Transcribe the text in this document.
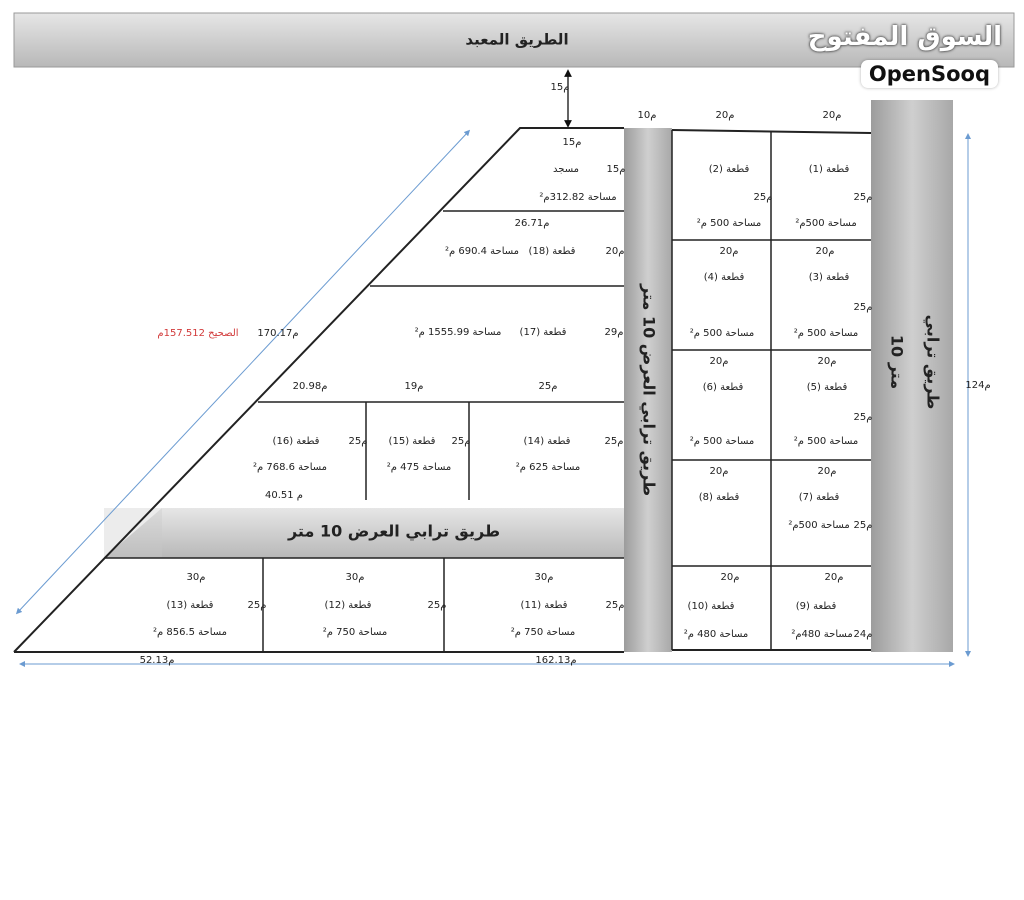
الطريق المعبد
طريق ترابي
10 متر
طريق ترابي العرض 10 متر
طريق ترابي العرض 10 متر
15م
10م
124م
170.17م
الصحيح 157.512م
52.13م	162.13م
15م
مسجد	15م
مساحة 312.82م²
20م
قطعة (1)
25م
مساحة 500م²
20م
قطعة (2)
25م
مساحة 500 م²
20م
قطعة (3)
25م
مساحة 500 م²
20م
قطعة (4)
مساحة 500 م²
20م
قطعة (5)
25م
مساحة 500 م²
20م
قطعة (6)
مساحة 500 م²
20م
قطعة (7)
25م
مساحة 500م²
20م
قطعة (8)
20م
قطعة (9)
24م
مساحة 480م²
20م
قطعة (10)
مساحة 480 م²
26.71م
قطعة (18)
مساحة 690.4 م²	20م
قطعة (17)
مساحة 1555.99 م²	29م
25م
قطعة (14)	25م
مساحة 625 م²
19م
قطعة (15) 25م
مساحة 475 م²
20.98م
قطعة (16)	25م
مساحة 768.6 م²
40.51 م
30م
قطعة (11)	25م
مساحة 750 م²
30م
قطعة (12)	25م
مساحة 750 م²
30م
قطعة (13)	25م
مساحة 856.5 م²
السوق المفتوح
OpenSooq
